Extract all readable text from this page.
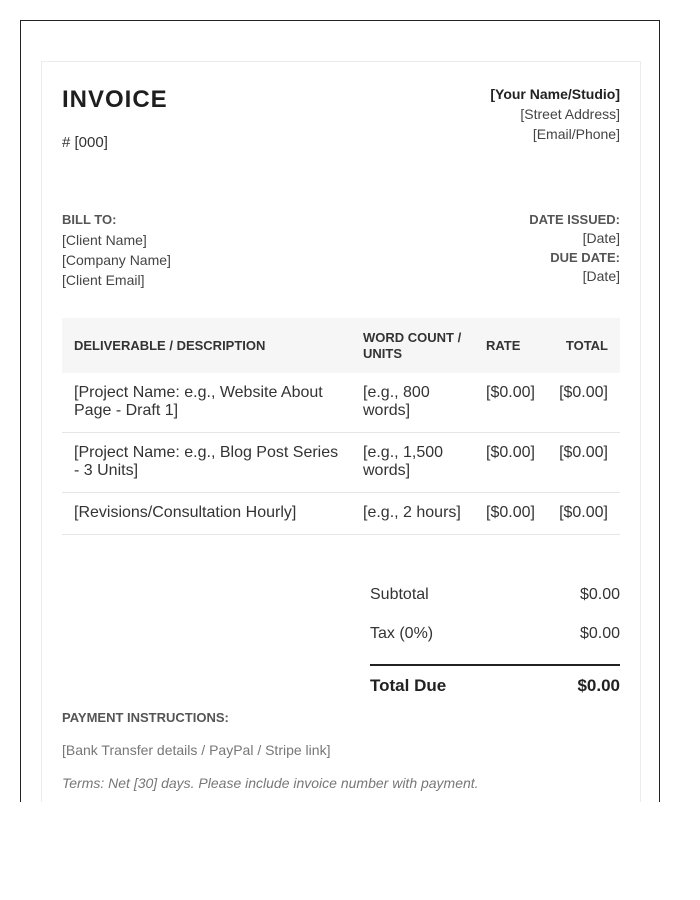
INVOICE
# [000]
[Your Name/Studio]
[Street Address]
[Email/Phone]
BILL TO:
[Client Name]
[Company Name]
[Client Email]
DATE ISSUED:
[Date]
DUE DATE:
[Date]
DELIVERABLE / DESCRIPTION	WORD COUNT / UNITS	RATE	TOTAL
[Project Name: e.g., Website About Page - Draft 1]	[e.g., 800 words]	[$0.00]	[$0.00]
[Project Name: e.g., Blog Post Series - 3 Units]	[e.g., 1,500 words]	[$0.00]	[$0.00]
[Revisions/Consultation Hourly]	[e.g., 2 hours]	[$0.00]	[$0.00]
Subtotal	$0.00
Tax (0%)	$0.00
Total Due	$0.00
PAYMENT INSTRUCTIONS:
[Bank Transfer details / PayPal / Stripe link]
Terms: Net [30] days. Please include invoice number with payment.
